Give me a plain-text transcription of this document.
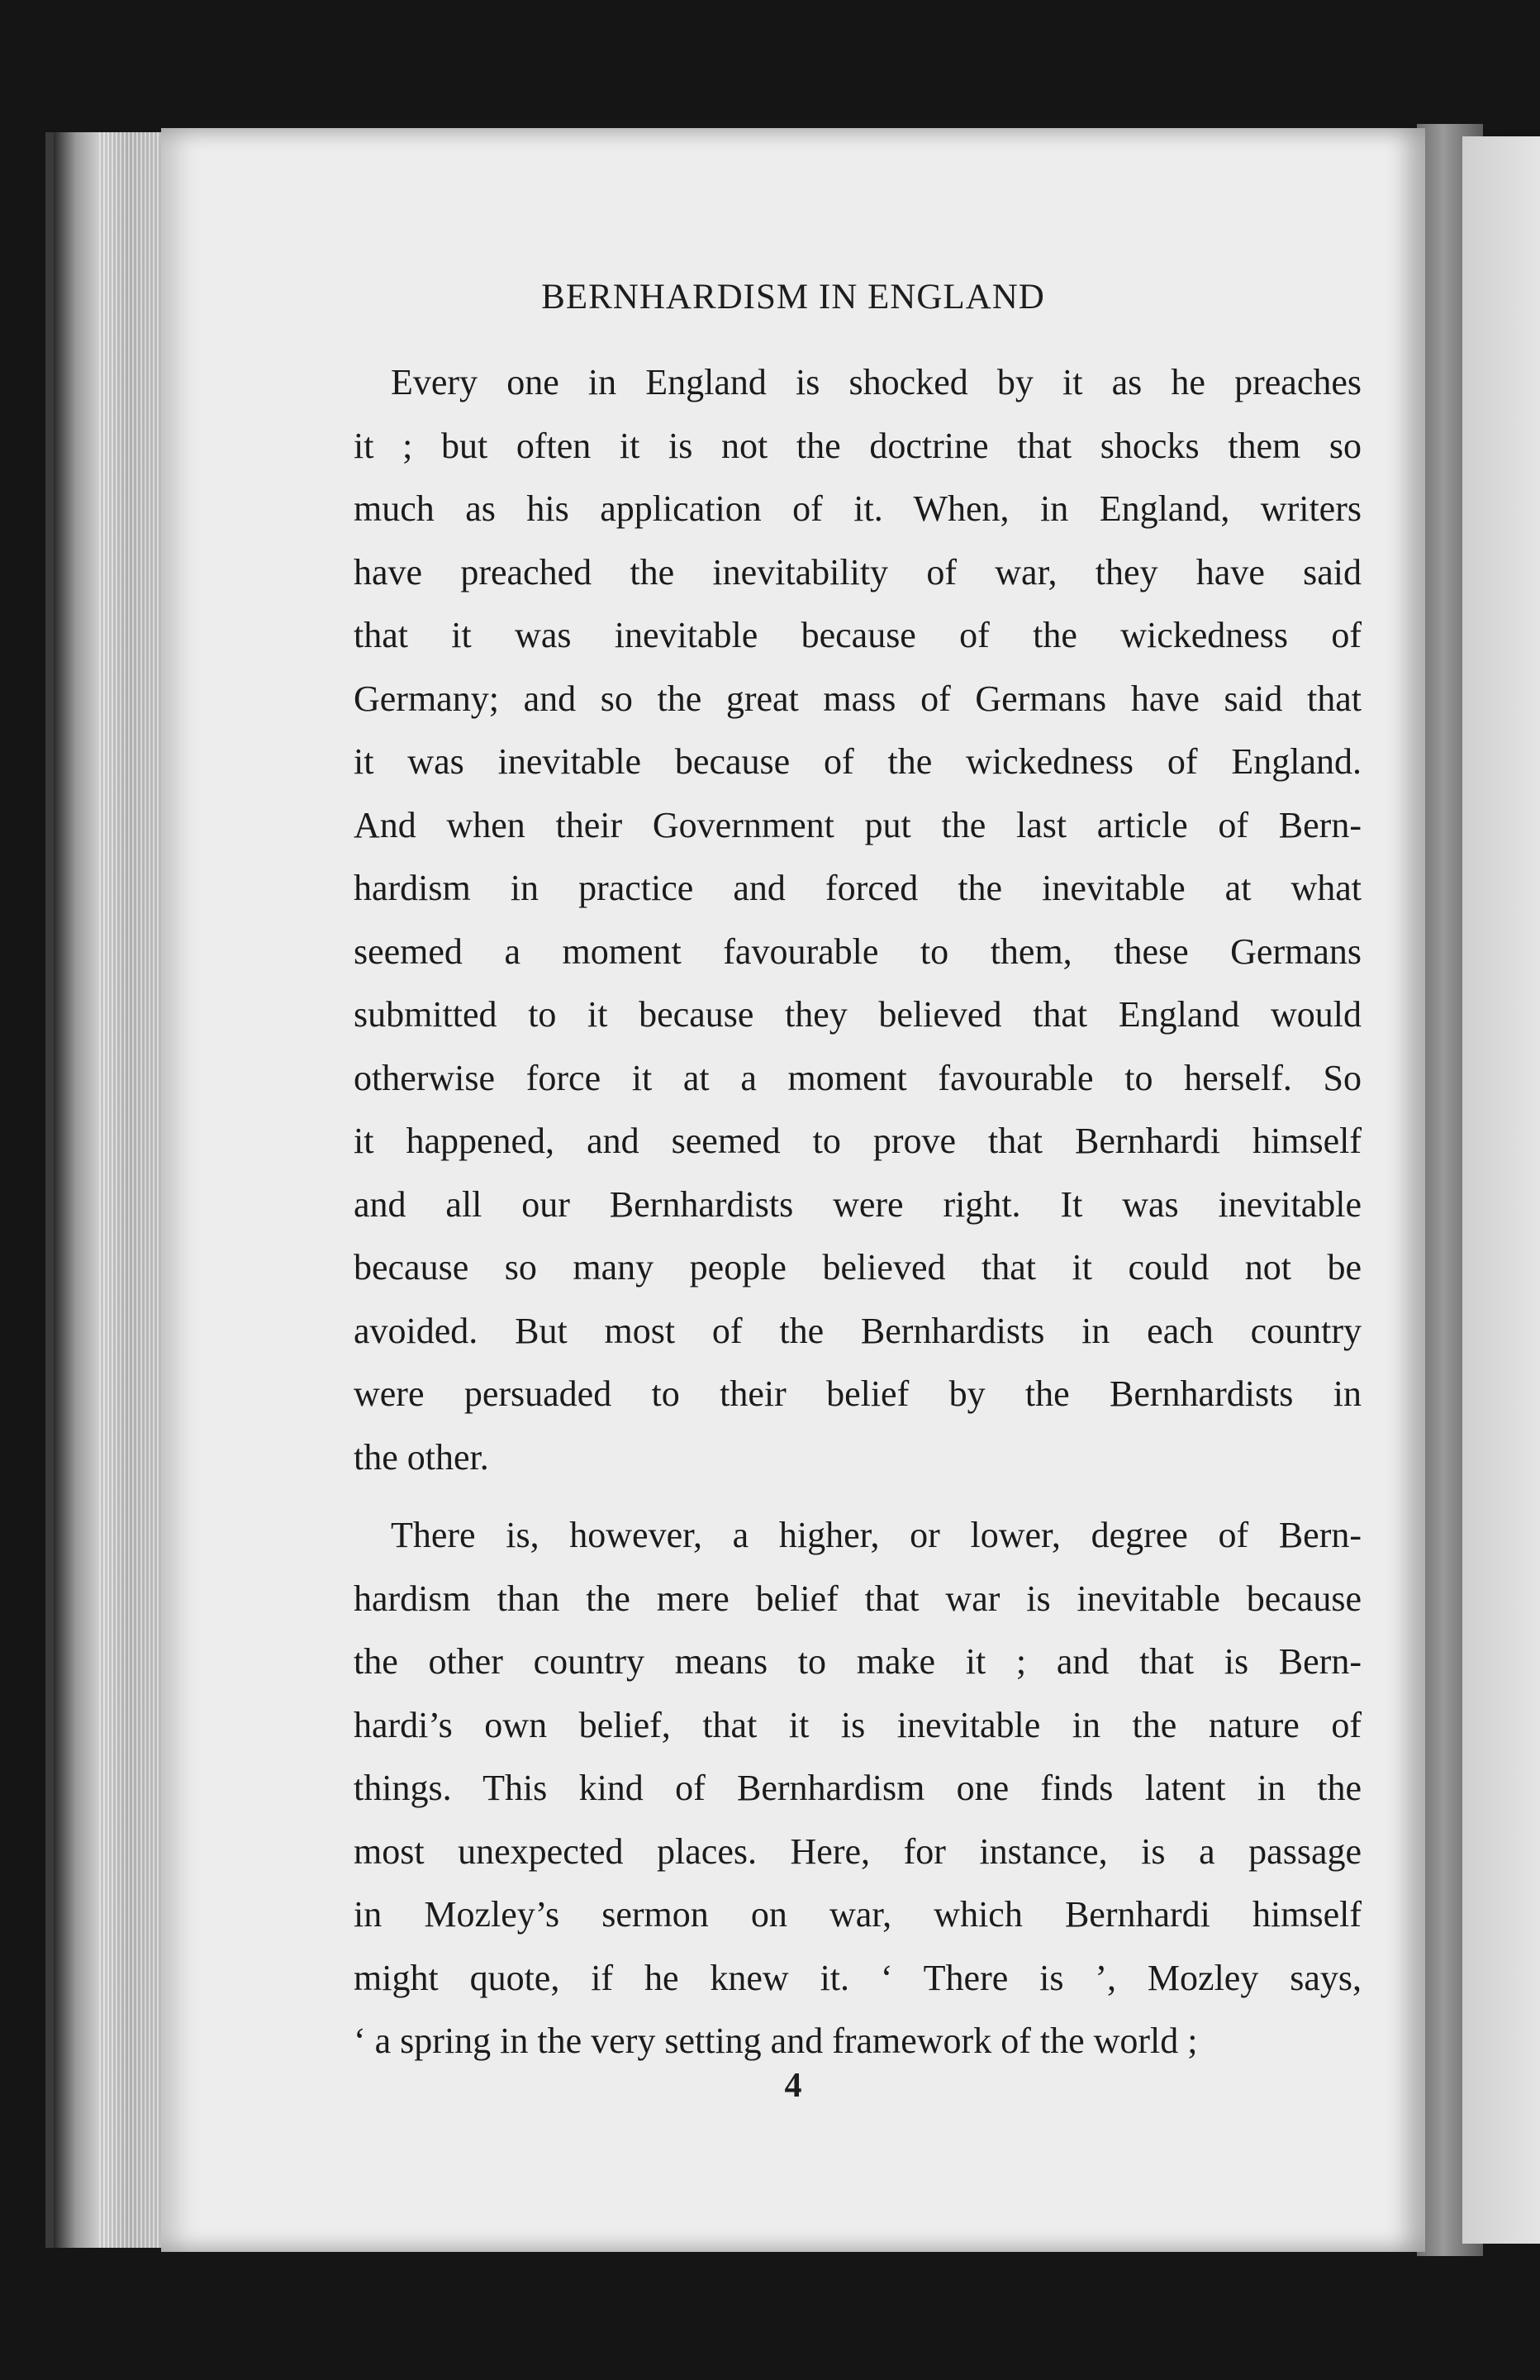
BERNHARDISM IN ENGLAND
Every one in England is shocked by it as he preaches
it ; but often it is not the doctrine that shocks them so
much as his application of it. When, in England, writers
have preached the inevitability of war, they have said
that it was inevitable because of the wickedness of
Germany; and so the great mass of Germans have said that
it was inevitable because of the wickedness of England.
And when their Government put the last article of Bern-
hardism in practice and forced the inevitable at what
seemed a moment favourable to them, these Germans
submitted to it because they believed that England would
otherwise force it at a moment favourable to herself. So
it happened, and seemed to prove that Bernhardi himself
and all our Bernhardists were right. It was inevitable
because so many people believed that it could not be
avoided. But most of the Bernhardists in each country
were persuaded to their belief by the Bernhardists in
the other.
There is, however, a higher, or lower, degree of Bern-
hardism than the mere belief that war is inevitable because
the other country means to make it ; and that is Bern-
hardi’s own belief, that it is inevitable in the nature of
things. This kind of Bernhardism one finds latent in the
most unexpected places. Here, for instance, is a passage
in Mozley’s sermon on war, which Bernhardi himself
might quote, if he knew it. ‘ There is ’, Mozley says,
‘ a spring in the very setting and framework of the world ;
4
